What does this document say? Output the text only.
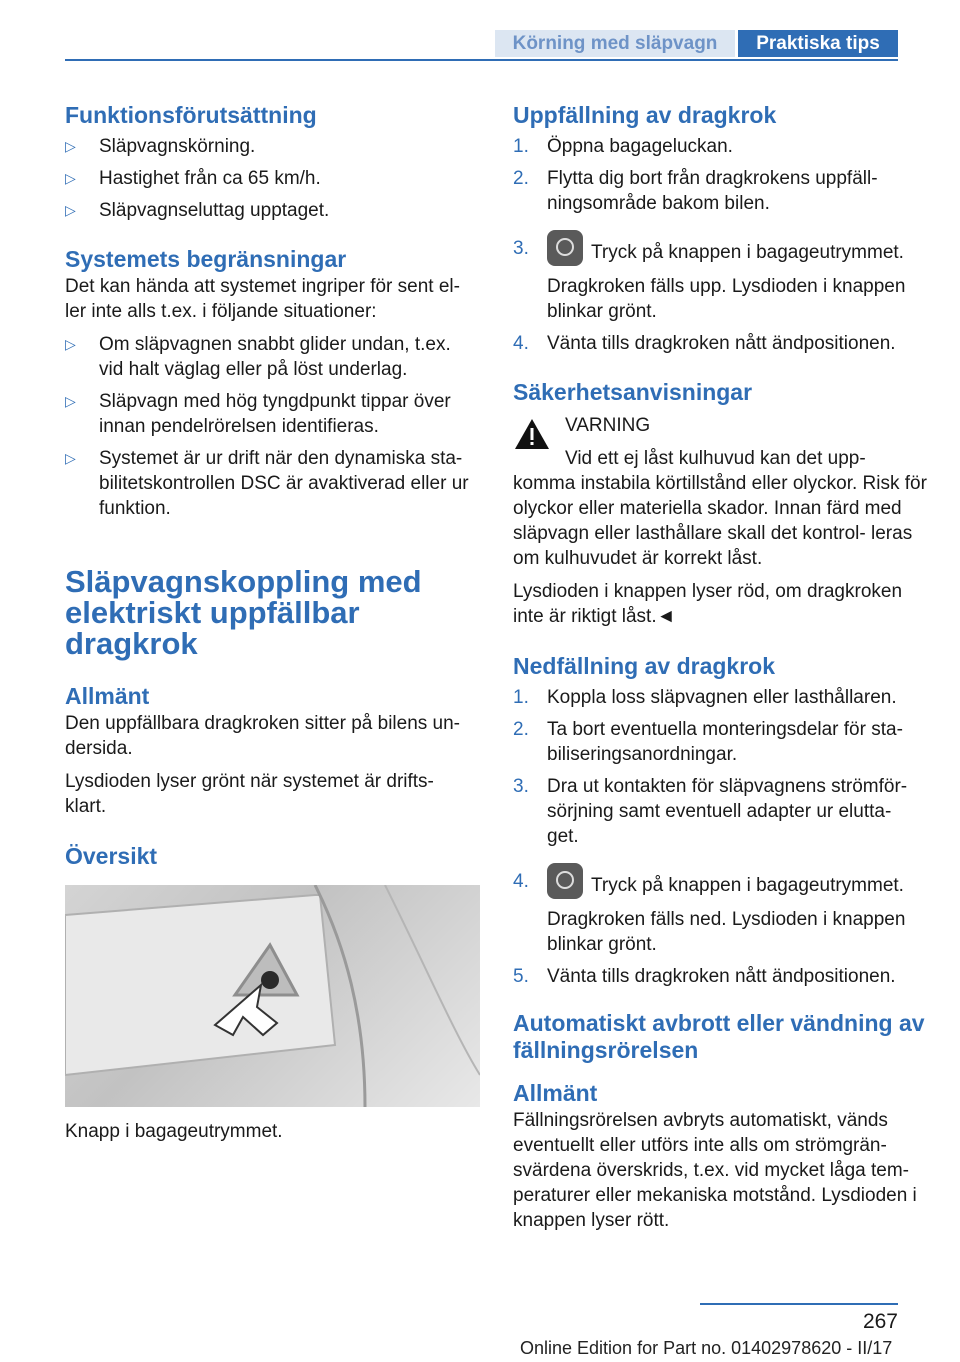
Körning med släpvagn	Praktiska tips
Funktionsförutsättning
▷ Släpvagnskörning.
▷ Hastighet från ca 65 km/h.
▷ Släpvagnseluttag upptaget.
Systemets begränsningar

Det kan hända att systemet ingriper för sent el‐ ler inte alls t.ex. i följande situationer:

▷ Om släpvagnen snabbt glider undan, t.ex. vid halt väglag eller på löst underlag.
▷ Släpvagn med hög tyngdpunkt tippar över innan pendelrörelsen identifieras.
▷ Systemet är ur drift när den dynamiska sta‐ bilitetskontrollen DSC är avaktiverad eller ur funktion.
Släpvagnskoppling med elektriskt uppfällbar dragkrok
Allmänt

Den uppfällbara dragkroken sitter på bilens un‐ dersida.

Lysdioden lyser grönt när systemet är drifts‐ klart.

Översikt

Knapp i bagageutrymmet.

Uppfällning av dragkrok
1. Öppna bagageluckan.
2. Flytta dig bort från dragkrokens uppfäll‐ ningsområde bakom bilen.
3.	Tryck på knappen i bagageutrymmet.
Dragkroken fälls upp. Lysdioden i knappen blinkar grönt.
4. Vänta tills dragkroken nått ändpositionen.
Säkerhetsanvisningar
VARNING

Vid ett ej låst kulhuvud kan det upp‐ komma instabila körtillstånd eller olyckor. Risk för olyckor eller materiella skador. Innan färd med släpvagn eller lasthållare skall det kontrol‐ leras om kulhuvudet är korrekt låst.

Lysdioden i knappen lyser röd, om dragkroken inte är riktigt låst.◄

Nedfällning av dragkrok
1. Koppla loss släpvagnen eller lasthållaren.
2. Ta bort eventuella monteringsdelar för sta‐ biliseringsanordningar.
3. Dra ut kontakten för släpvagnens strömför‐ sörjning samt eventuell adapter ur elutta‐ get.
4.	Tryck på knappen i bagageutrymmet.
Dragkroken fälls ned. Lysdioden i knappen blinkar grönt.
5. Vänta tills dragkroken nått ändpositionen.
Automatiskt avbrott eller vändning av fällningsrörelsen
Allmänt

Fällningsrörelsen avbryts automatiskt, vänds eventuellt eller utförs inte alls om strömgrän‐ svärdena överskrids, t.ex. vid mycket låga tem‐ peraturer eller mekaniska motstånd. Lysdioden i knappen lyser rött.

267
Online Edition for Part no. 01402978620 - II/17
